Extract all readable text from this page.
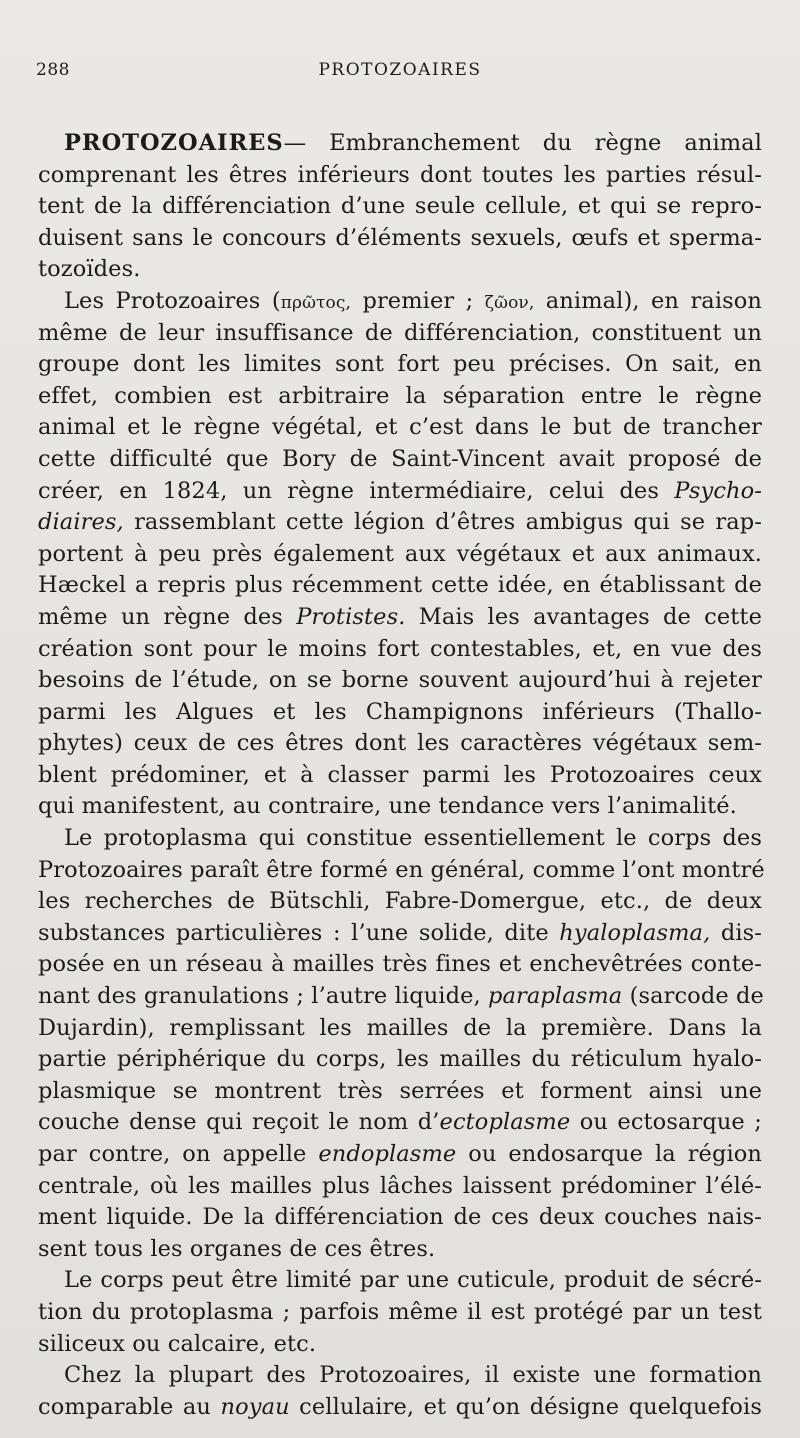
288	PROTOZOAIRES
PROTOZOAIRES— Embranchement du règne animal
comprenant les êtres inférieurs dont toutes les parties résul-
tent de la différenciation d’une seule cellule, et qui se repro-
duisent sans le concours d’éléments sexuels, œufs et sperma-
tozoïdes.
Les Protozoaires (πρῶτος, premier ; ζῶον, animal), en raison
même de leur insuffisance de différenciation, constituent un
groupe dont les limites sont fort peu précises. On sait, en
effet, combien est arbitraire la séparation entre le règne
animal et le règne végétal, et c’est dans le but de trancher
cette difficulté que Bory de Saint-Vincent avait proposé de
créer, en 1824, un règne intermédiaire, celui des Psycho-
diaires, rassemblant cette légion d’êtres ambigus qui se rap-
portent à peu près également aux végétaux et aux animaux.
Hæckel a repris plus récemment cette idée, en établissant de
même un règne des Protistes. Mais les avantages de cette
création sont pour le moins fort contestables, et, en vue des
besoins de l’étude, on se borne souvent aujourd’hui à rejeter
parmi les Algues et les Champignons inférieurs (Thallo-
phytes) ceux de ces êtres dont les caractères végétaux sem-
blent prédominer, et à classer parmi les Protozoaires ceux
qui manifestent, au contraire, une tendance vers l’animalité.
Le protoplasma qui constitue essentiellement le corps des
Protozoaires paraît être formé en général, comme l’ont montré
les recherches de Bütschli, Fabre-Domergue, etc., de deux
substances particulières : l’une solide, dite hyaloplasma, dis-
posée en un réseau à mailles très fines et enchevêtrées conte-
nant des granulations ; l’autre liquide, paraplasma (sarcode de
Dujardin), remplissant les mailles de la première. Dans la
partie périphérique du corps, les mailles du réticulum hyalo-
plasmique se montrent très serrées et forment ainsi une
couche dense qui reçoit le nom d’ectoplasme ou ectosarque ;
par contre, on appelle endoplasme ou endosarque la région
centrale, où les mailles plus lâches laissent prédominer l’élé-
ment liquide. De la différenciation de ces deux couches nais-
sent tous les organes de ces êtres.
Le corps peut être limité par une cuticule, produit de sécré-
tion du protoplasma ; parfois même il est protégé par un test
siliceux ou calcaire, etc.
Chez la plupart des Protozoaires, il existe une formation
comparable au noyau cellulaire, et qu’on désigne quelquefois
